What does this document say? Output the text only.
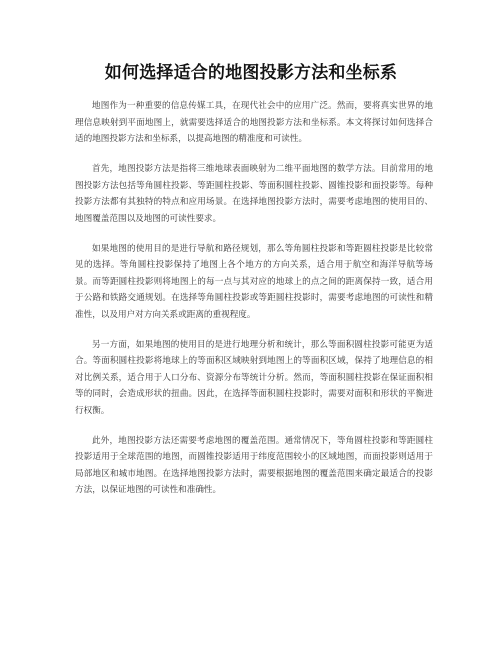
如何选择适合的地图投影方法和坐标系

地图作为一种重要的信息传媒工具，在现代社会中的应用广泛。然而，要将真实世界的地理信息映射到平面地图上，就需要选择适合的地图投影方法和坐标系。本文将探讨如何选择合适的地图投影方法和坐标系，以提高地图的精准度和可读性。

首先，地图投影方法是指将三维地球表面映射为二维平面地图的数学方法。目前常用的地图投影方法包括等角圆柱投影、等距圆柱投影、等面积圆柱投影、圆锥投影和面投影等。每种投影方法都有其独特的特点和应用场景。在选择地图投影方法时，需要考虑地图的使用目的、地图覆盖范围以及地图的可读性要求。

如果地图的使用目的是进行导航和路径规划，那么等角圆柱投影和等距圆柱投影是比较常见的选择。等角圆柱投影保持了地图上各个地方的方向关系，适合用于航空和海洋导航等场景。而等距圆柱投影则将地图上的每一点与其对应的地球上的点之间的距离保持一致，适合用于公路和铁路交通规划。在选择等角圆柱投影或等距圆柱投影时，需要考虑地图的可读性和精准性，以及用户对方向关系或距离的重视程度。

另一方面，如果地图的使用目的是进行地理分析和统计，那么等面积圆柱投影可能更为适合。等面积圆柱投影将地球上的等面积区域映射到地图上的等面积区域，保持了地理信息的相对比例关系，适合用于人口分布、资源分布等统计分析。然而，等面积圆柱投影在保证面积相等的同时，会造成形状的扭曲。因此，在选择等面积圆柱投影时，需要对面积和形状的平衡进行权衡。

此外，地图投影方法还需要考虑地图的覆盖范围。通常情况下，等角圆柱投影和等距圆柱投影适用于全球范围的地图，而圆锥投影适用于纬度范围较小的区域地图，而面投影则适用于局部地区和城市地图。在选择地图投影方法时，需要根据地图的覆盖范围来确定最适合的投影方法，以保证地图的可读性和准确性。
